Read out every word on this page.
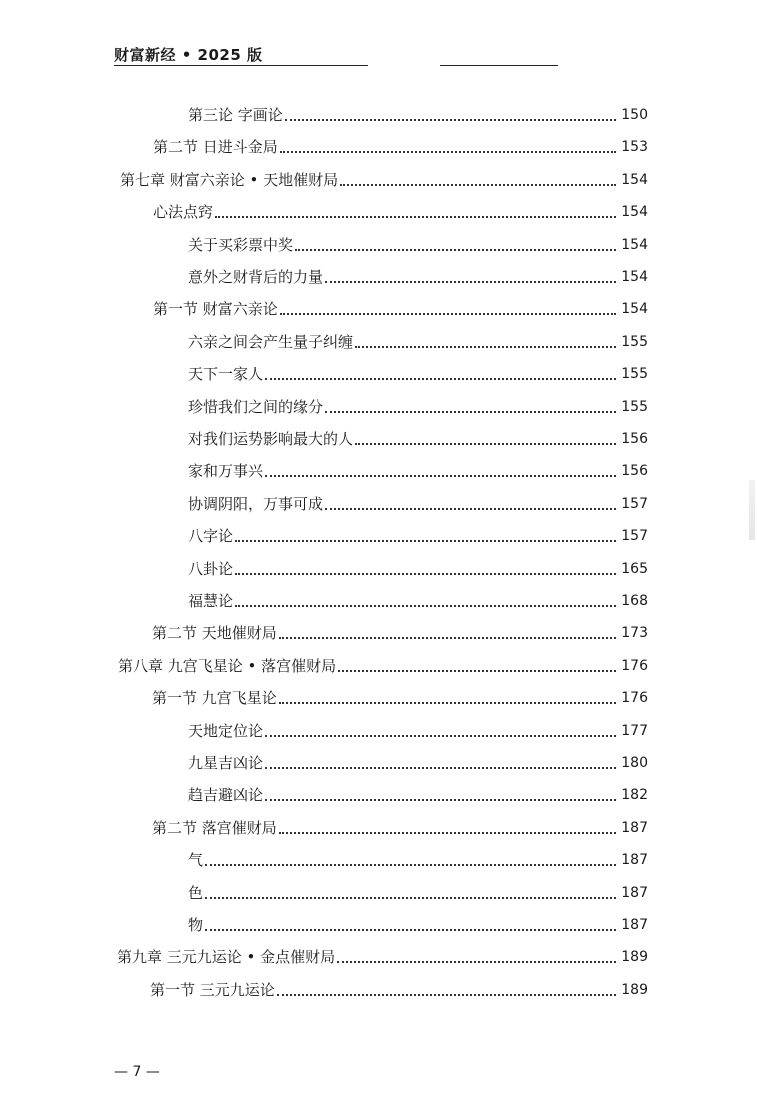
财富新经 • 2025 版
第三论 字画论	150
第二节 日进斗金局	153
第七章 财富六亲论 • 天地催财局	154
心法点窍	154
关于买彩票中奖	154
意外之财背后的力量	154
第一节 财富六亲论	154
六亲之间会产生量子纠缠	155
天下一家人	155
珍惜我们之间的缘分	155
对我们运势影响最大的人	156
家和万事兴	156
协调阴阳，万事可成	157
八字论	157
八卦论	165
福慧论	168
第二节 天地催财局	173
第八章 九宫飞星论 • 落宫催财局	176
第一节 九宫飞星论	176
天地定位论	177
九星吉凶论	180
趋吉避凶论	182
第二节 落宫催财局	187
气	187
色	187
物	187
第九章 三元九运论 • 金点催财局	189
第一节 三元九运论	189
— 7 —
